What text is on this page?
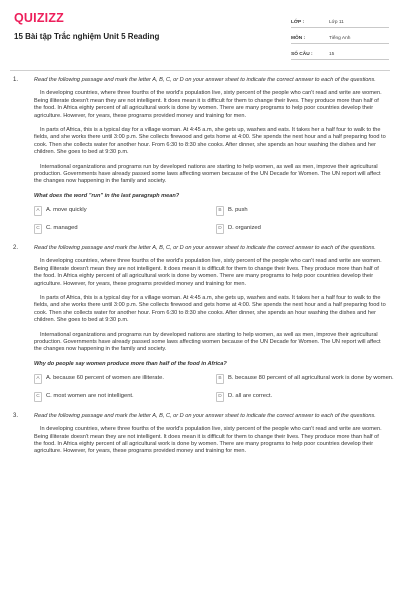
QUIZIZZ
15 Bài tập Trắc nghiệm Unit 5 Reading
LỚP :	Lớp 11
MÔN :	Tiếng Anh
SỐ CÂU :	15
1.	Read the following passage and mark the letter A, B, C, or D on your answer sheet to indicate the correct answer to each of the questions.

In developing countries, where three fourths of the world's population live, sixty percent of the people who can't read and write are women. Being illiterate doesn't mean they are not intelligent. It does mean it is difficult for them to change their lives. They produce more than half of the food. In Africa eighty percent of all agricultural work is done by women. There are many programs to help poor countries develop their agriculture. However, for years, these programs provided money and training for men.

In parts of Africa, this is a typical day for a village woman. At 4:45 a.m, she gets up, washes and eats. It takes her a half four to walk to the fields, and she works there until 3:00 p.m. She collects firewood and gets home at 4:00. She spends the next hour and a half preparing food to cook. Then she collects water for another hour. From 6:30 to 8:30 she cooks. After dinner, she spends an hour washing the dishes and her children. She goes to bed at 9:30 p.m.

International organizations and programs run by developed nations are starting to help women, as well as men, improve their agricultural production. Governments have already passed some laws affecting women because of the UN Decade for Women. The UN report will affect the changes now happening in the family and society.

What does the word "run" in the last paragraph mean?
A	A. move quickly	B	B. push
C	C. managed	D	D. organized
2.	Read the following passage and mark the letter A, B, C, or D on your answer sheet to indicate the correct answer to each of the questions.

In developing countries, where three fourths of the world's population live, sixty percent of the people who can't read and write are women. Being illiterate doesn't mean they are not intelligent. It does mean it is difficult for them to change their lives. They produce more than half of the food. In Africa eighty percent of all agricultural work is done by women. There are many programs to help poor countries develop their agriculture. However, for years, these programs provided money and training for men.

In parts of Africa, this is a typical day for a village woman. At 4:45 a.m, she gets up, washes and eats. It takes her a half four to walk to the fields, and she works there until 3:00 p.m. She collects firewood and gets home at 4:00. She spends the next hour and a half preparing food to cook. Then she collects water for another hour. From 6:30 to 8:30 she cooks. After dinner, she spends an hour washing the dishes and her children. She goes to bed at 9:30 p.m.

International organizations and programs run by developed nations are starting to help women, as well as men, improve their agricultural production. Governments have already passed some laws affecting women because of the UN Decade for Women. The UN report will affect the changes now happening in the family and society.

Why do people say women produce more than half of the food in Africa?
A	A. because 60 percent of women are illiterate.	B	B. because 80 percent of all agricultural work is done by women.
C	C. most women are not intelligent.	D	D. all are correct.
3.	Read the following passage and mark the letter A, B, C, or D on your answer sheet to indicate the correct answer to each of the questions.

In developing countries, where three fourths of the world's population live, sixty percent of the people who can't read and write are women. Being illiterate doesn't mean they are not intelligent. It does mean it is difficult for them to change their lives. They produce more than half of the food. In Africa eighty percent of all agricultural work is done by women. There are many programs to help poor countries develop their agriculture. However, for years, these programs provided money and training for men.
